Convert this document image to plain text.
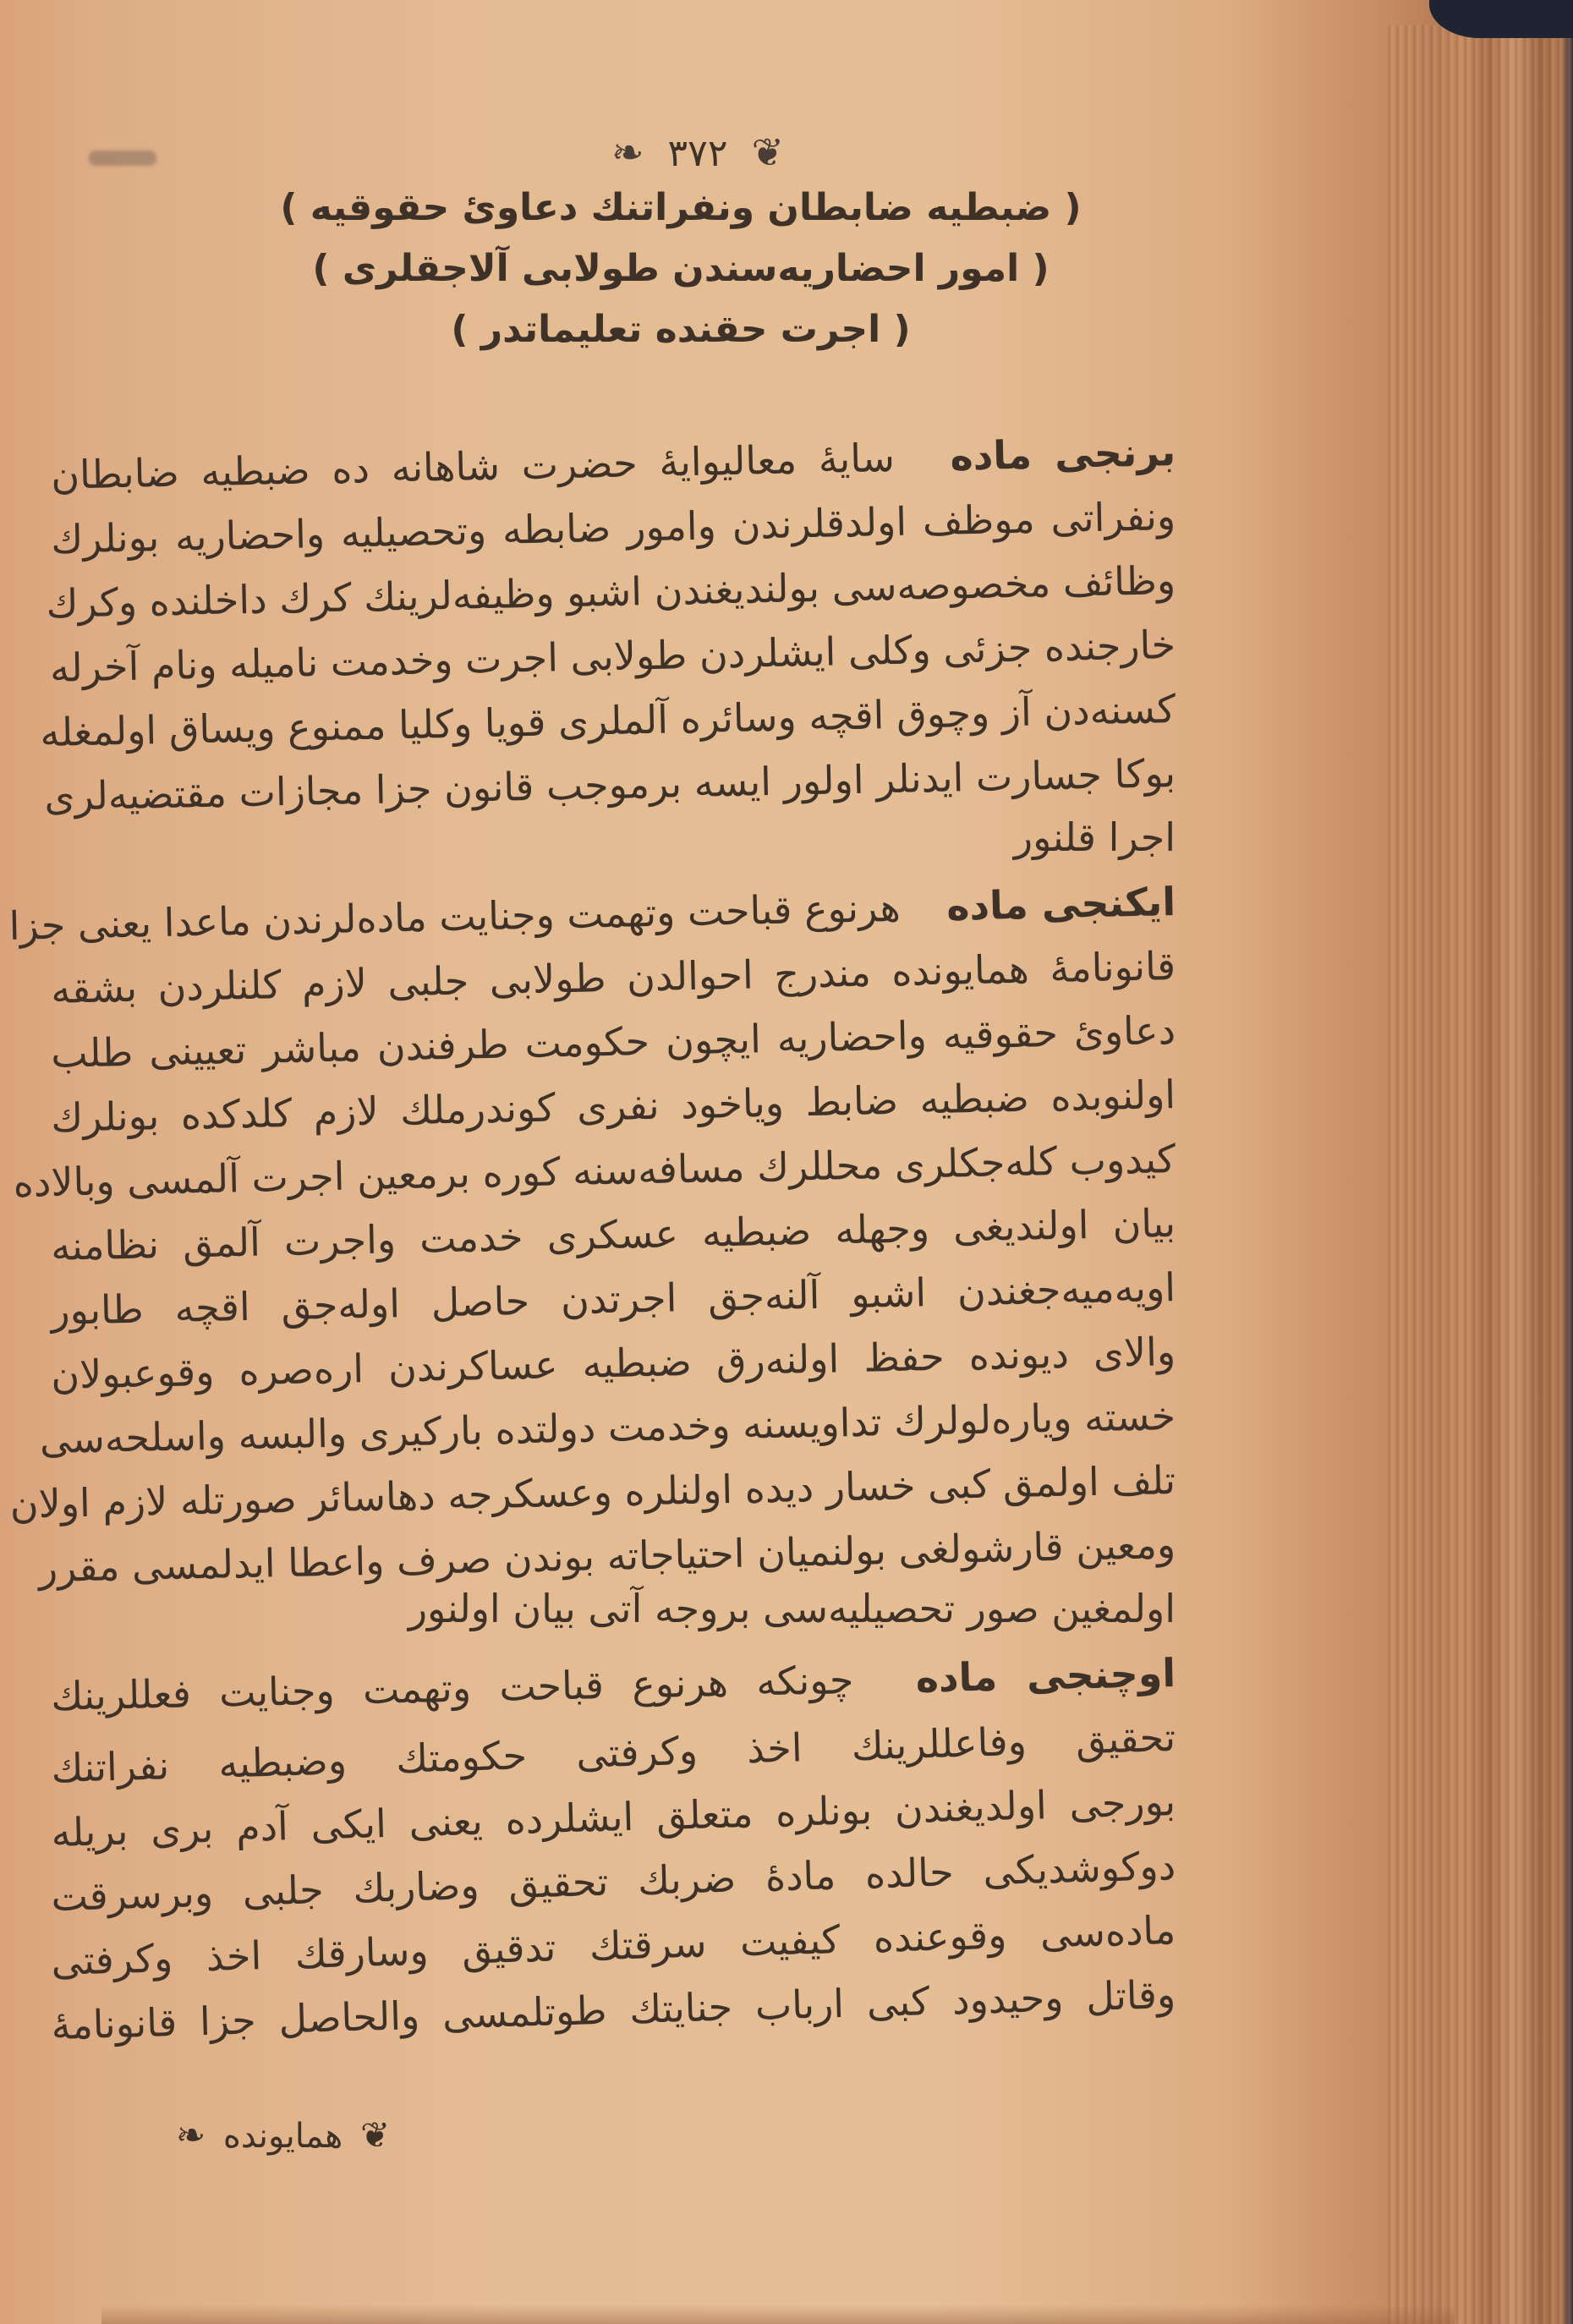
❦ ٣٧٢ ❧
( ضبطیه ضابطان ونفراتنك دعاوئ حقوقیه )
( امور احضاریه‌سندن طولابی آلاجقلری )
( اجرت حقنده تعلیماتدر )
برنجی ماده سایهٔ معالیوایهٔ حضرت شاهانه ده ضبطیه ضابطان
ونفراتی موظف اولدقلرندن وامور ضابطه وتحصیلیه واحضاریه بونلرك
وظائف مخصوصه‌سی بولندیغندن اشبو وظیفه‌لرینك كرك داخلنده وكرك
خارجنده جزئی وكلی ایشلردن طولابی اجرت وخدمت نامیله ونام آخرله
كسنه‌دن آز وچوق اقچه وسائره آلملری قویا وكلیا ممنوع ویساق اولمغله
بوكا جسارت ایدنلر اولور ایسه برموجب قانون جزا مجازات مقتضیه‌لری
اجرا قلنور
ایكنجی ماده هرنوع قباحت وتهمت وجنایت ماده‌لرندن ماعدا یعنی جزا
قانونامهٔ همایونده مندرج احوالدن طولابی جلبی لازم كلنلردن بشقه
دعاویٔ حقوقیه واحضاریه ایچون حكومت طرفندن مباشر تعیینی طلب
اولنوبده ضبطیه ضابط ویاخود نفری كوندرملك لازم كلدكده بونلرك
كیدوب كله‌جكلری محللرك مسافه‌سنه كوره برمعین اجرت آلمسی وبالاده
بیان اولندیغی وجهله ضبطیه عسكری خدمت واجرت آلمق نظامنه
اویه‌میه‌جغندن اشبو آلنه‌جق اجرتدن حاصل اوله‌جق اقچه طابور
والای دیونده حفظ اولنه‌رق ضبطیه عساكرندن اره‌صره وقوعبولان
خسته ویاره‌لولرك تداویسنه وخدمت دولتده باركیری والبسه واسلحه‌سی
تلف اولمق كبی خسار دیده اولنلره وعسكرجه دهاسائر صورتله لازم اولان
ومعین قارشولغی بولنمیان احتیاجاته بوندن صرف واعطا ایدلمسی مقرر
اولمغین صور تحصیلیه‌سی بروجه آتی بیان اولنور
اوچنجی ماده چونكه هرنوع قباحت وتهمت وجنایت فعللرینك
تحقیق وفاعللرینك اخذ وكرفتی حكومتك وضبطیه نفراتنك
بورجی اولدیغندن بونلره متعلق ایشلرده یعنی ایكی آدم بری بریله
دوكوشدیكی حالده مادهٔ ضربك تحقیق وضاربك جلبی وبرسرقت
ماده‌سی وقوعنده كیفیت سرقتك تدقیق وسارقك اخذ وكرفتی
وقاتل وحیدود كبی ارباب جنایتك طوتلمسی والحاصل جزا قانونامهٔ
❦ همایونده ❧
